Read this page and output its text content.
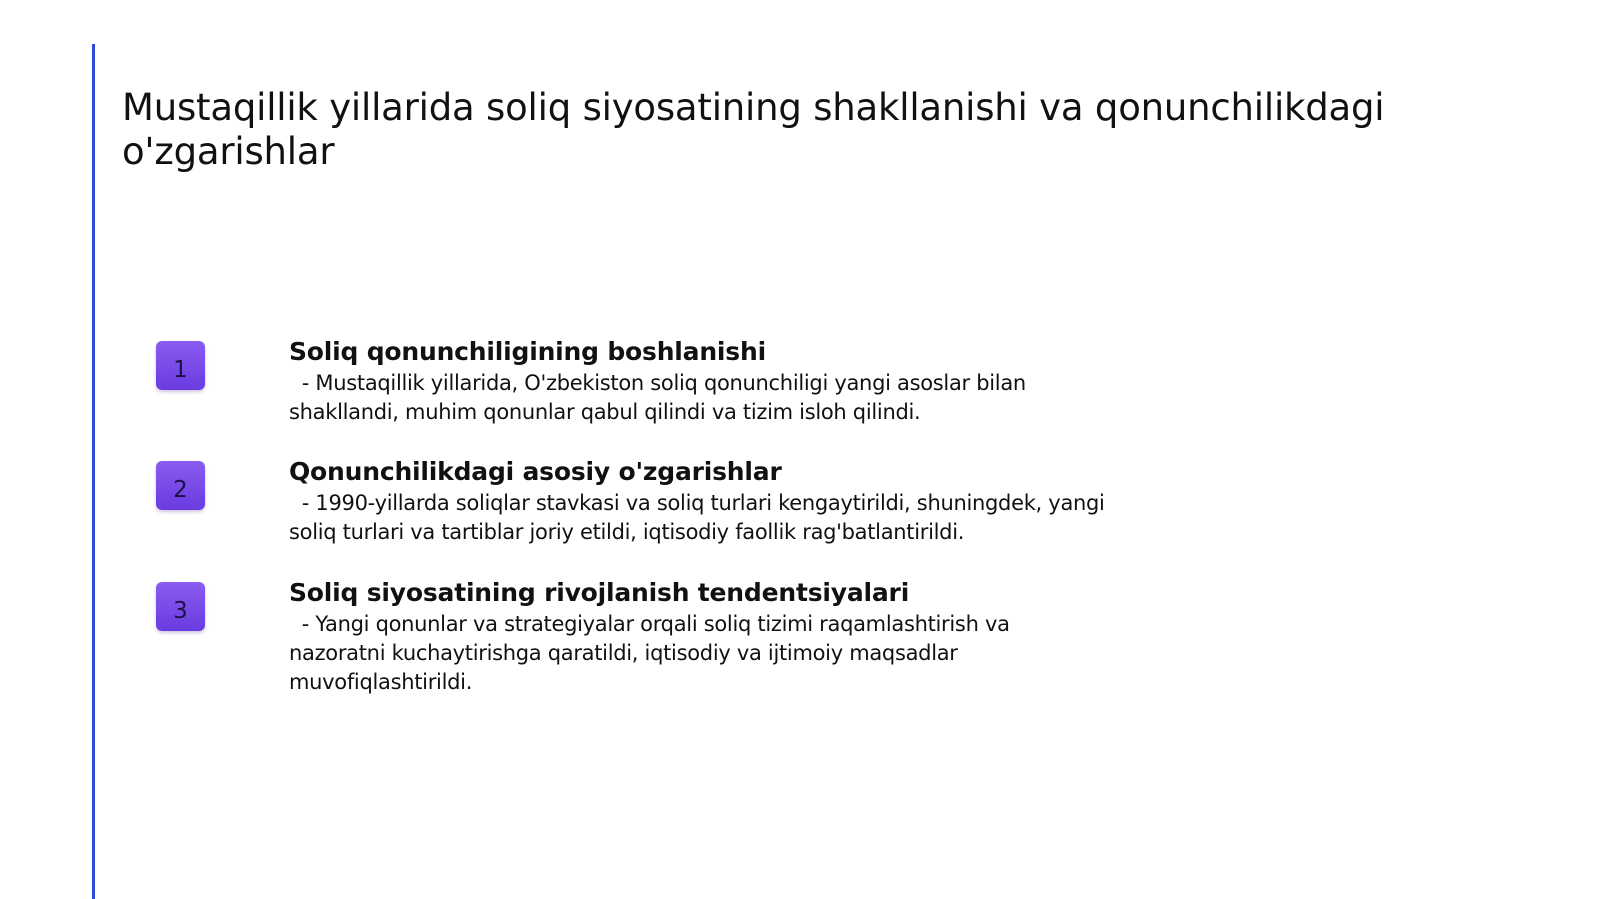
Mustaqillik yillarida soliq siyosatining shakllanishi va qonunchilikdagi o'zgarishlar
1
Soliq qonunchiligining boshlanishi

- Mustaqillik yillarida, O'zbekiston soliq qonunchiligi yangi asoslar bilan shakllandi, muhim qonunlar qabul qilindi va tizim isloh qilindi.

2
Qonunchilikdagi asosiy o'zgarishlar

- 1990-yillarda soliqlar stavkasi va soliq turlari kengaytirildi, shuningdek, yangi soliq turlari va tartiblar joriy etildi, iqtisodiy faollik rag'batlantirildi.

3
Soliq siyosatining rivojlanish tendentsiyalari

- Yangi qonunlar va strategiyalar orqali soliq tizimi raqamlashtirish va nazoratni kuchaytirishga qaratildi, iqtisodiy va ijtimoiy maqsadlar muvofiqlashtirildi.
